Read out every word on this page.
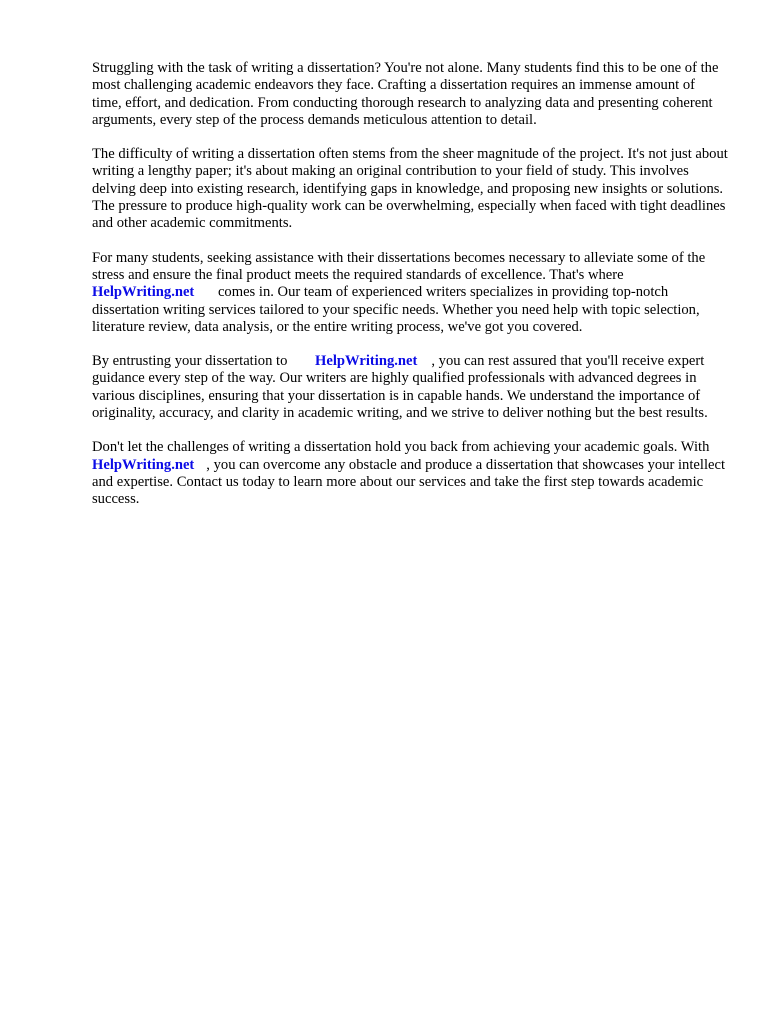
Struggling with the task of writing a dissertation? You're not alone. Many students find this to be one of the most challenging academic endeavors they face. Crafting a dissertation requires an immense amount of time, effort, and dedication. From conducting thorough research to analyzing data and presenting coherent arguments, every step of the process demands meticulous attention to detail.

The difficulty of writing a dissertation often stems from the sheer magnitude of the project. It's not just about writing a lengthy paper; it's about making an original contribution to your field of study. This involves delving deep into existing research, identifying gaps in knowledge, and proposing new insights or solutions. The pressure to produce high-quality work can be overwhelming, especially when faced with tight deadlines and other academic commitments.

For many students, seeking assistance with their dissertations becomes necessary to alleviate some of the stress and ensure the final product meets the required standards of excellence. That's where HelpWriting.net comes in. Our team of experienced writers specializes in providing top-notch dissertation writing services tailored to your specific needs. Whether you need help with topic selection, literature review, data analysis, or the entire writing process, we've got you covered.

By entrusting your dissertation to HelpWriting.net , you can rest assured that you'll receive expert guidance every step of the way. Our writers are highly qualified professionals with advanced degrees in various disciplines, ensuring that your dissertation is in capable hands. We understand the importance of originality, accuracy, and clarity in academic writing, and we strive to deliver nothing but the best results.

Don't let the challenges of writing a dissertation hold you back from achieving your academic goals. With HelpWriting.net , you can overcome any obstacle and produce a dissertation that showcases your intellect and expertise. Contact us today to learn more about our services and take the first step towards academic success.
